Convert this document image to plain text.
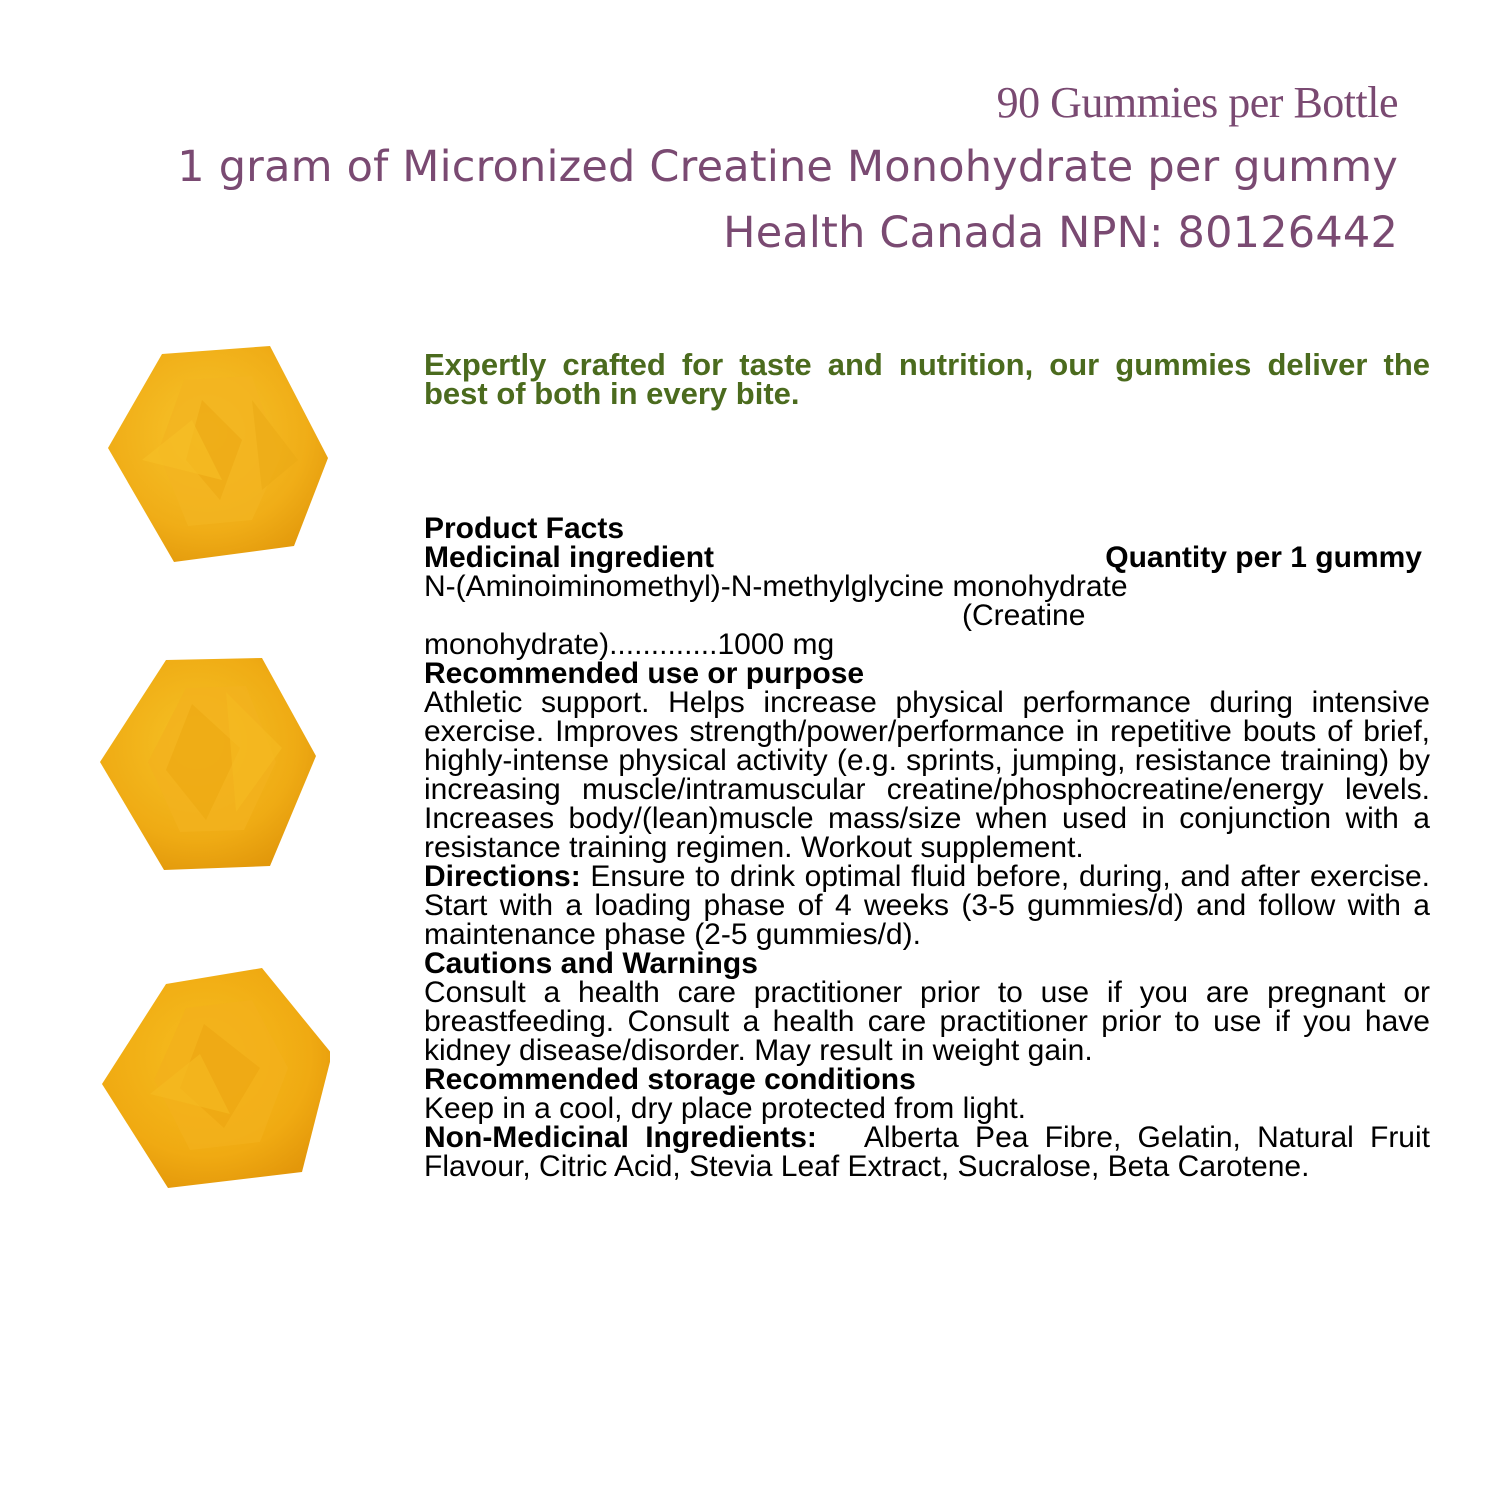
90 Gummies per Bottle
1 gram of Micronized Creatine Monohydrate per gummy
Health Canada NPN: 80126442
Expertly crafted for taste and nutrition, our gummies deliver the best of both in every bite.
Product Facts
Medicinal ingredient	Quantity per 1 gummy
N-(Aminoiminomethyl)-N-methylglycine monohydrate
(Creatine
monohydrate).............1000 mg
Recommended use or purpose
Athletic support. Helps increase physical performance during intensive exercise. Improves strength/power/performance in repetitive bouts of brief, highly-intense physical activity (e.g. sprints, jumping, resistance training) by increasing muscle/intramuscular creatine/phosphocreatine/energy levels. Increases body/(lean)muscle mass/size when used in conjunction with a resistance training regimen. Workout supplement.
Directions: Ensure to drink optimal fluid before, during, and after exercise. Start with a loading phase of 4 weeks (3-5 gummies/d) and follow with a maintenance phase (2-5 gummies/d).
Cautions and Warnings
Consult a health care practitioner prior to use if you are pregnant or breastfeeding. Consult a health care practitioner prior to use if you have kidney disease/disorder. May result in weight gain.
Recommended storage conditions
Keep in a cool, dry place protected from light.
Non-Medicinal Ingredients:   Alberta Pea Fibre, Gelatin, Natural Fruit Flavour, Citric Acid, Stevia Leaf Extract, Sucralose, Beta Carotene.
